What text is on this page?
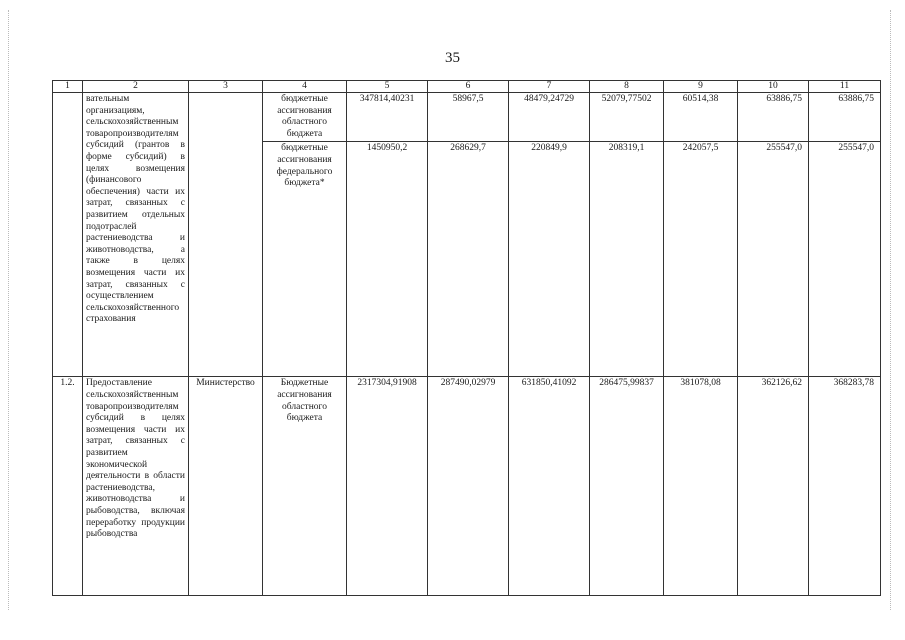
35
1	2	3	4	5	6	7	8	9	10	11
	вательным организациям, сельскохозяйственным товаропроизводителям субсидий (грантов в форме субсидий) в целях возмещения (финансового обеспечения) части их затрат, связанных с развитием отдельных подотраслей растениеводства и животноводства, а также в целях возмещения части их затрат, связанных с осуществлением сельскохозяйственного страхования		бюджетные ассигнования областного бюджета	347814,40231	58967,5	48479,24729	52079,77502	60514,38	63886,75	63886,75
			бюджетные ассигнования федерального бюджета*	1450950,2	268629,7	220849,9	208319,1	242057,5	255547,0	255547,0
1.2.	Предоставление сельскохозяйственным товаропроизводителям субсидий в целях возмещения части их затрат, связанных с развитием экономической деятельности в области растениеводства, животноводства и рыбоводства, включая переработку продукции рыбоводства	Министерство	Бюджетные ассигнования областного бюджета	2317304,91908	287490,02979	631850,41092	286475,99837	381078,08	362126,62	368283,78
